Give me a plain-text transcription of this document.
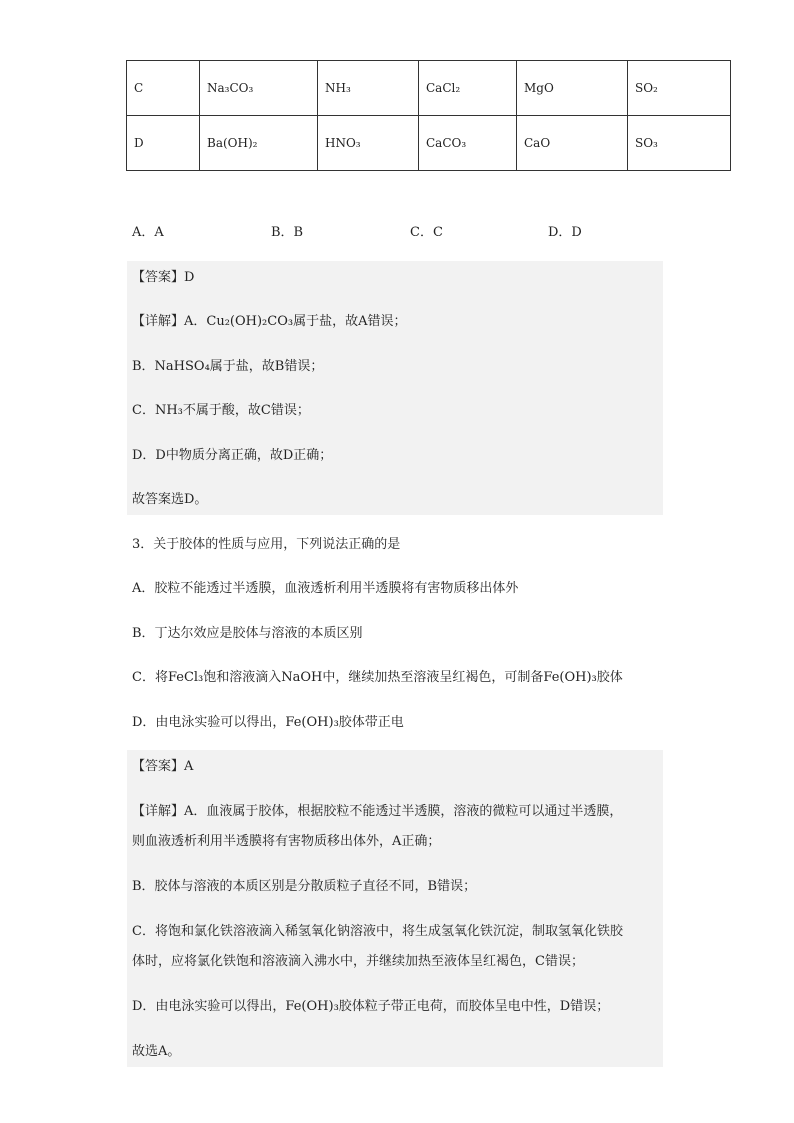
C	Na₃CO₃	NH₃	CaCl₂	MgO	SO₂
D	Ba(OH)₂	HNO₃	CaCO₃	CaO	SO₃
A．A	B．B	C．C	D．D
【答案】D
【详解】A．Cu₂(OH)₂CO₃属于盐，故A错误；
B．NaHSO₄属于盐，故B错误；
C．NH₃不属于酸，故C错误；
D．D中物质分离正确，故D正确；
故答案选D。
3．关于胶体的性质与应用，下列说法正确的是
A．胶粒不能透过半透膜，血液透析利用半透膜将有害物质移出体外
B．丁达尔效应是胶体与溶液的本质区别
C．将FeCl₃饱和溶液滴入NaOH中，继续加热至溶液呈红褐色，可制备Fe(OH)₃胶体
D．由电泳实验可以得出，Fe(OH)₃胶体带正电
【答案】A
【详解】A．血液属于胶体，根据胶粒不能透过半透膜，溶液的微粒可以通过半透膜，
则血液透析利用半透膜将有害物质移出体外，A正确；
B．胶体与溶液的本质区别是分散质粒子直径不同，B错误；
C．将饱和氯化铁溶液滴入稀氢氧化钠溶液中，将生成氢氧化铁沉淀，制取氢氧化铁胶
体时，应将氯化铁饱和溶液滴入沸水中，并继续加热至液体呈红褐色，C错误；
D．由电泳实验可以得出，Fe(OH)₃胶体粒子带正电荷，而胶体呈电中性，D错误；
故选A。
